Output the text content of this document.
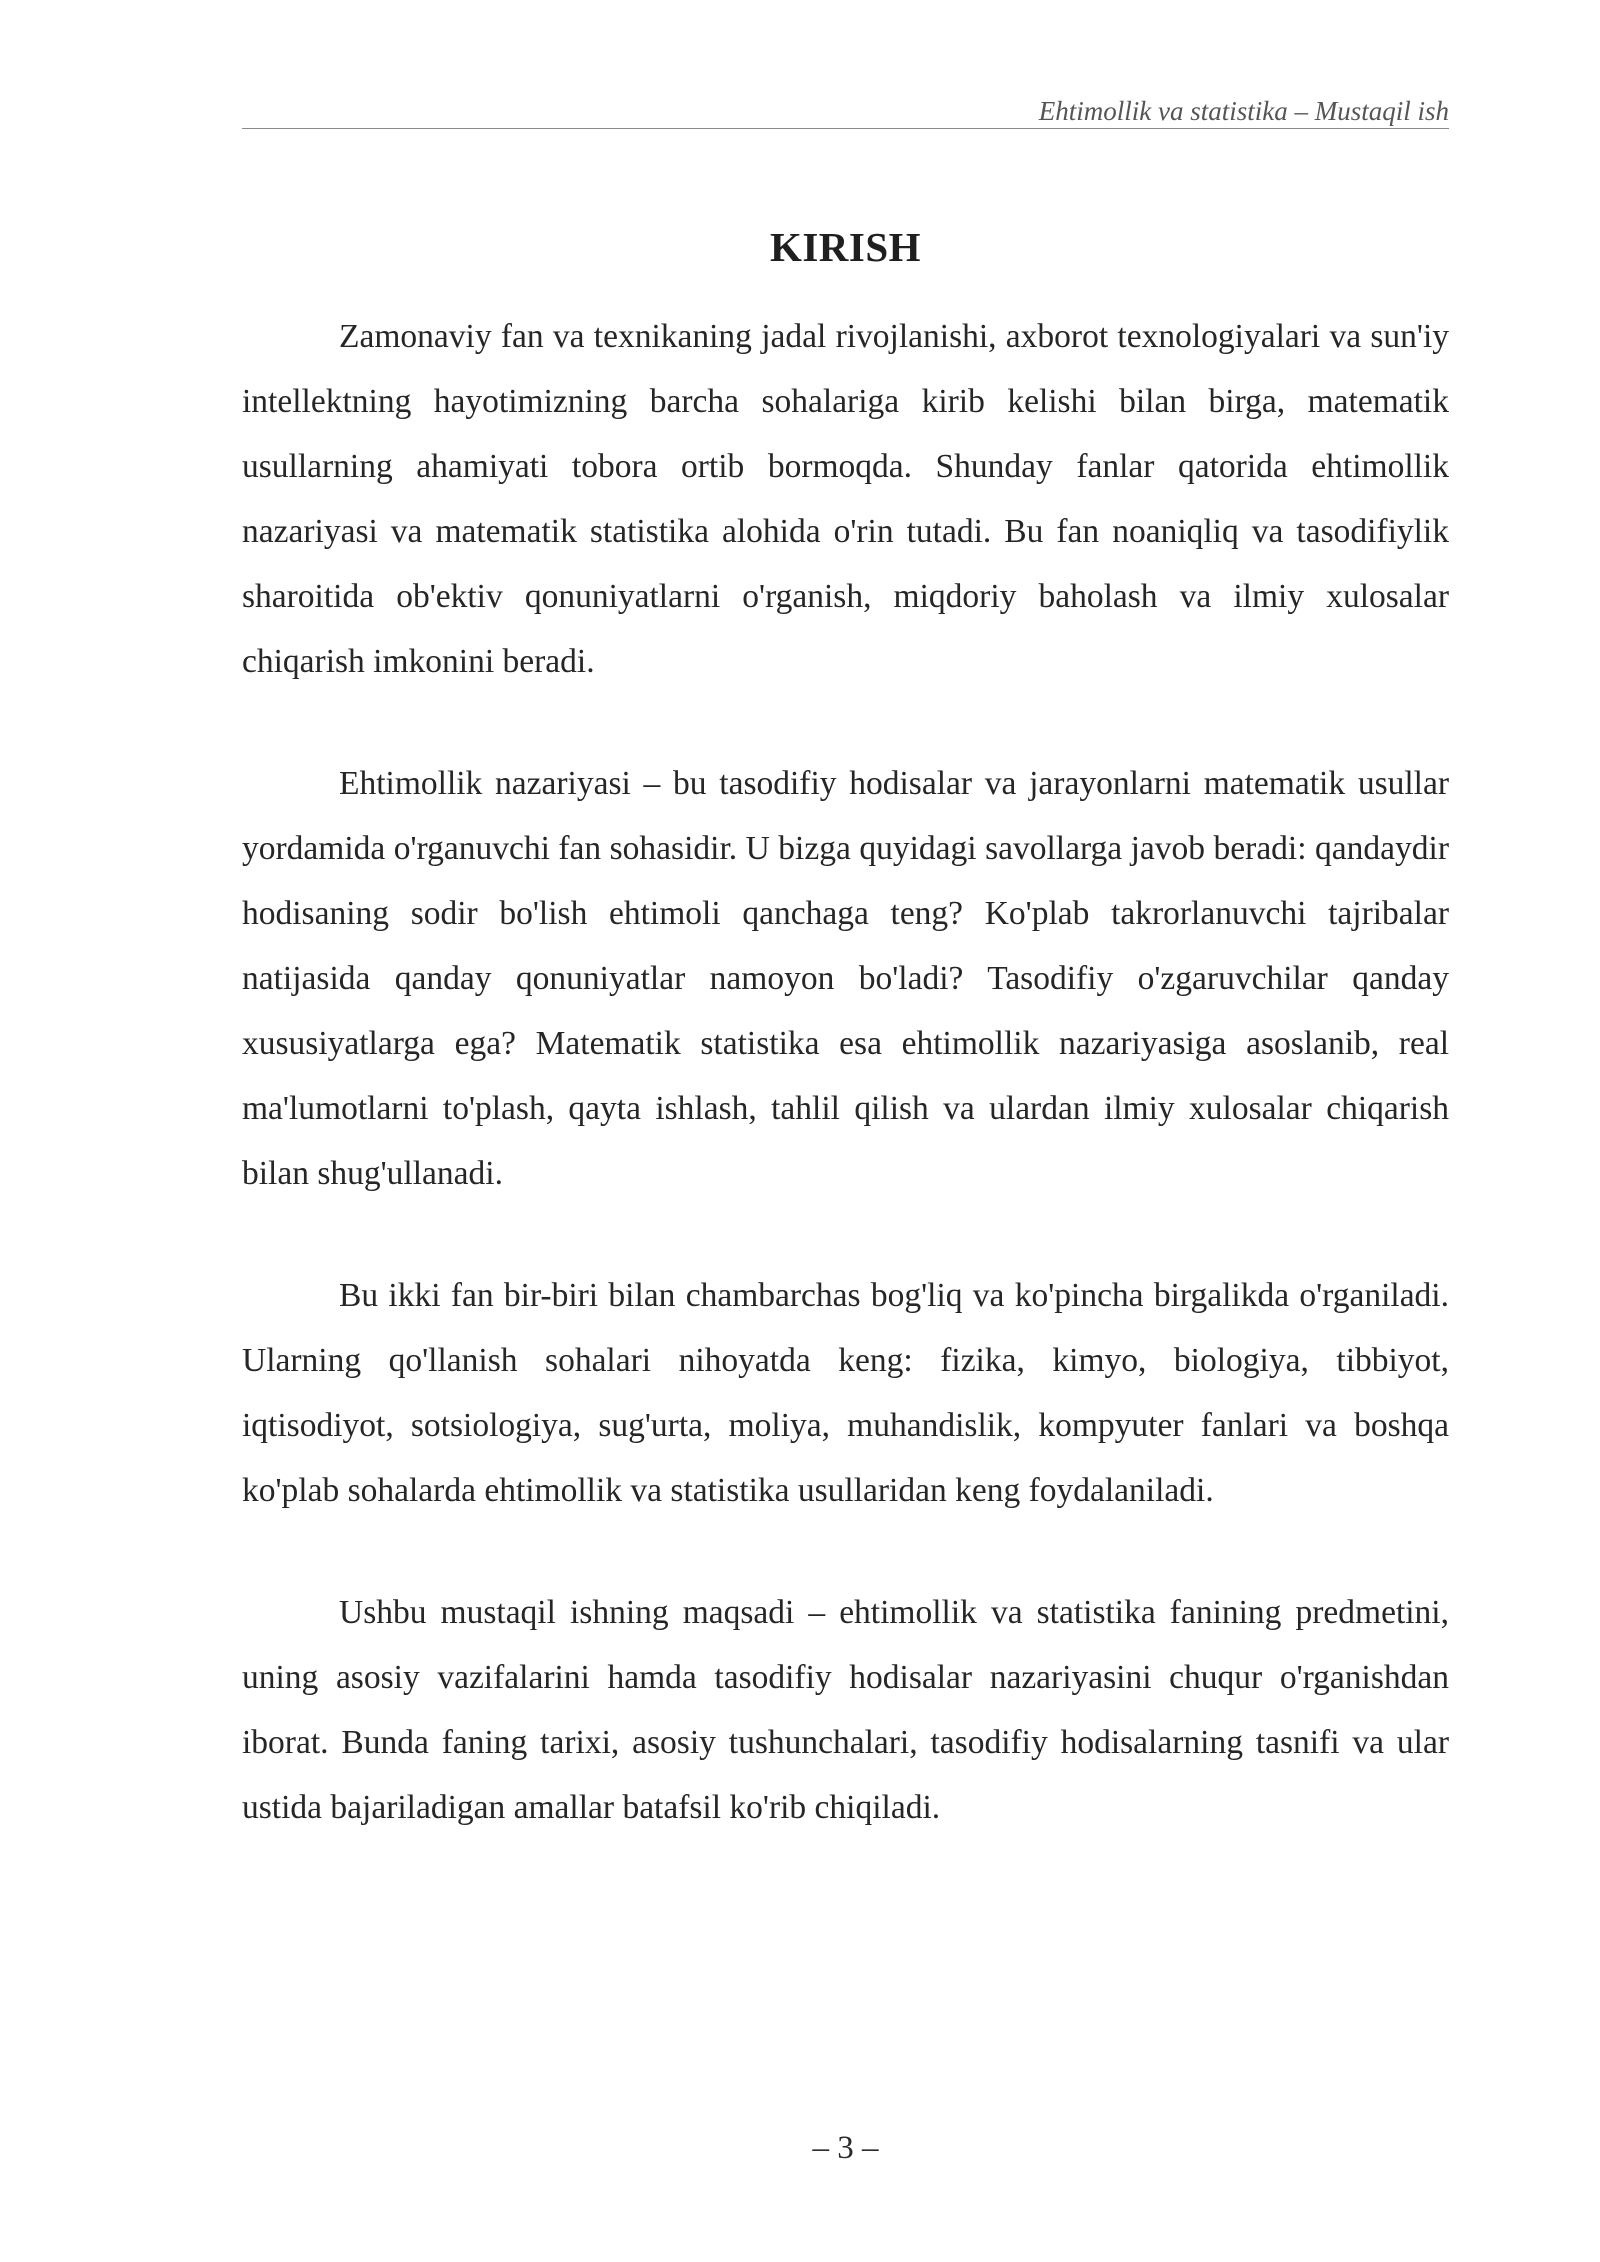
Ehtimollik va statistika – Mustaqil ish
KIRISH

Zamonaviy fan va texnikaning jadal rivojlanishi, axborot texnologiyalari va sun'iy intellektning hayotimizning barcha sohalariga kirib kelishi bilan birga, matematik usullarning ahamiyati tobora ortib bormoqda. Shunday fanlar qatorida ehtimollik nazariyasi va matematik statistika alohida o'rin tutadi. Bu fan noaniqliq va tasodifiylik sharoitida ob'ektiv qonuniyatlarni o'rganish, miqdoriy baholash va ilmiy xulosalar chiqarish imkonini beradi.

Ehtimollik nazariyasi – bu tasodifiy hodisalar va jarayonlarni matematik usullar yordamida o'rganuvchi fan sohasidir. U bizga quyidagi savollarga javob beradi: qandaydir hodisaning sodir bo'lish ehtimoli qanchaga teng? Ko'plab takrorlanuvchi tajribalar natijasida qanday qonuniyatlar namoyon bo'ladi? Tasodifiy o'zgaruvchilar qanday xususiyatlarga ega? Matematik statistika esa ehtimollik nazariyasiga asoslanib, real ma'lumotlarni to'plash, qayta ishlash, tahlil qilish va ulardan ilmiy xulosalar chiqarish bilan shug'ullanadi.

Bu ikki fan bir-biri bilan chambarchas bog'liq va ko'pincha birgalikda o'rganiladi. Ularning qo'llanish sohalari nihoyatda keng: fizika, kimyo, biologiya, tibbiyot, iqtisodiyot, sotsiologiya, sug'urta, moliya, muhandislik, kompyuter fanlari va boshqa ko'plab sohalarda ehtimollik va statistika usullaridan keng foydalaniladi.

Ushbu mustaqil ishning maqsadi – ehtimollik va statistika fanining predmetini, uning asosiy vazifalarini hamda tasodifiy hodisalar nazariyasini chuqur o'rganishdan iborat. Bunda faning tarixi, asosiy tushunchalari, tasodifiy hodisalarning tasnifi va ular ustida bajariladigan amallar batafsil ko'rib chiqiladi.

– 3 –
